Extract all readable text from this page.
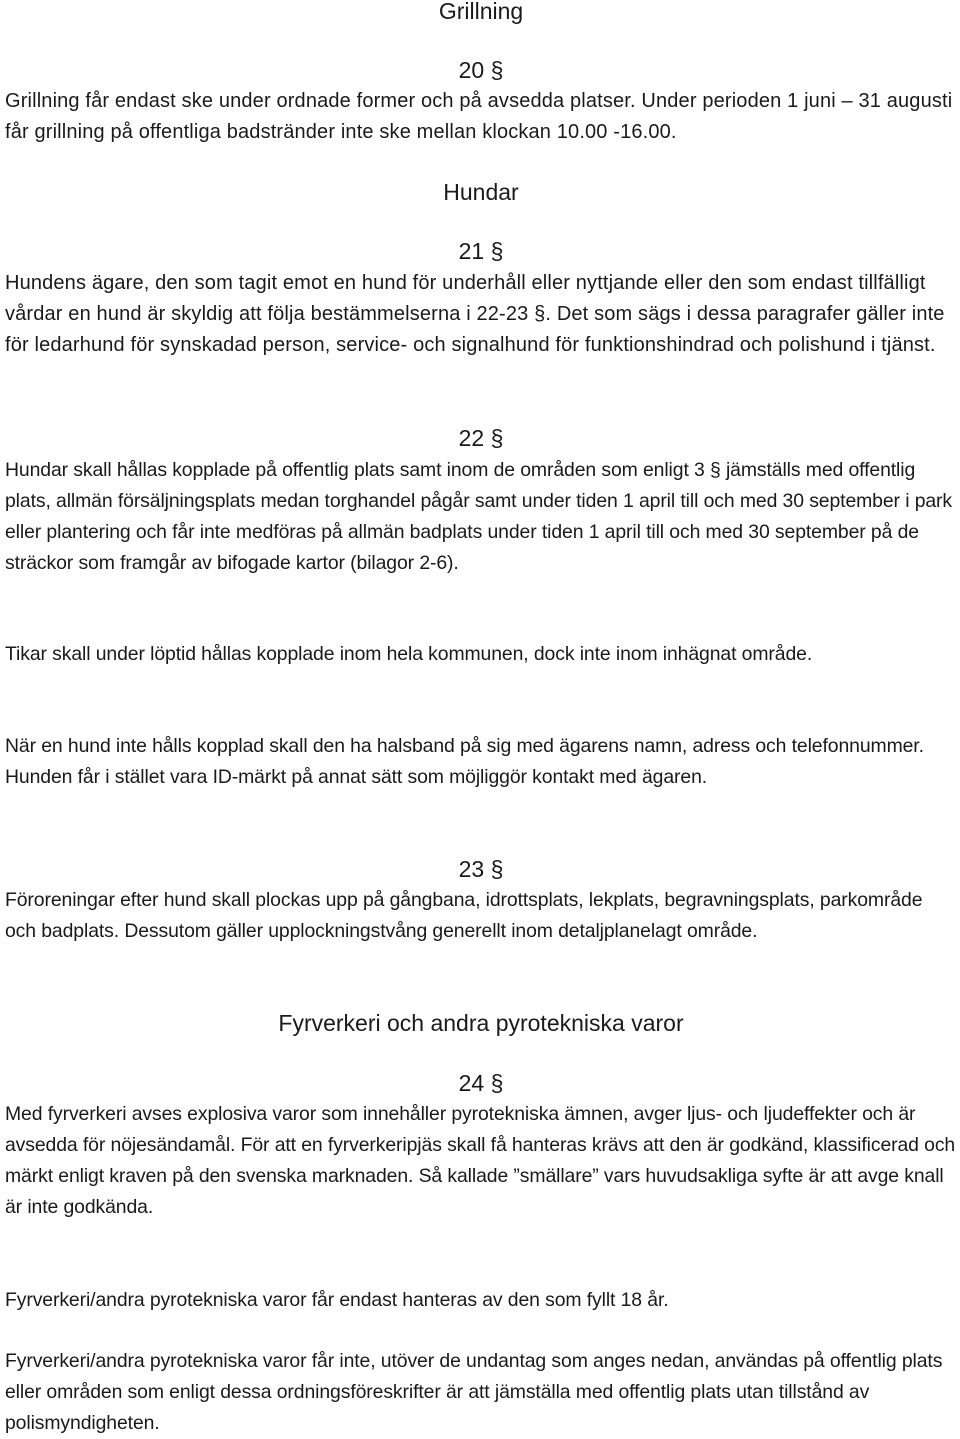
Grillning
20 §
Grillning får endast ske under ordnade former och på avsedda platser. Under perioden 1 juni – 31 augusti får grillning på offentliga badstränder inte ske mellan klockan 10.00 -16.00.
Hundar
21 §
Hundens ägare, den som tagit emot en hund för underhåll eller nyttjande eller den som endast tillfälligt vårdar en hund är skyldig att följa bestämmelserna i 22-23 §. Det som sägs i dessa paragrafer gäller inte för ledarhund för synskadad person, service- och signalhund för funktionshindrad och polishund i tjänst.
22 §
Hundar skall hållas kopplade på offentlig plats samt inom de områden som enligt 3 § jämställs med offentlig plats, allmän försäljningsplats medan torghandel pågår samt under tiden 1 april till och med 30 september i park eller plantering och får inte medföras på allmän badplats under tiden 1 april till och med 30 september på de sträckor som framgår av bifogade kartor (bilagor 2-6).
Tikar skall under löptid hållas kopplade inom hela kommunen, dock inte inom inhägnat område.
När en hund inte hålls kopplad skall den ha halsband på sig med ägarens namn, adress och telefonnummer. Hunden får i stället vara ID-märkt på annat sätt som möjliggör kontakt med ägaren.
23 §
Föroreningar efter hund skall plockas upp på gångbana, idrottsplats, lekplats, begravningsplats, parkområde och badplats. Dessutom gäller upplockningstvång generellt inom detaljplanelagt område.
Fyrverkeri och andra pyrotekniska varor
24 §
Med fyrverkeri avses explosiva varor som innehåller pyrotekniska ämnen, avger ljus- och ljudeffekter och är avsedda för nöjesändamål. För att en fyrverkeripjäs skall få hanteras krävs att den är godkänd, klassificerad och märkt enligt kraven på den svenska marknaden. Så kallade ”smällare” vars huvudsakliga syfte är att avge knall är inte godkända.
Fyrverkeri/andra pyrotekniska varor får endast hanteras av den som fyllt 18 år.
Fyrverkeri/andra pyrotekniska varor får inte, utöver de undantag som anges nedan, användas på offentlig plats eller områden som enligt dessa ordningsföreskrifter är att jämställa med offentlig plats utan tillstånd av polismyndigheten.
